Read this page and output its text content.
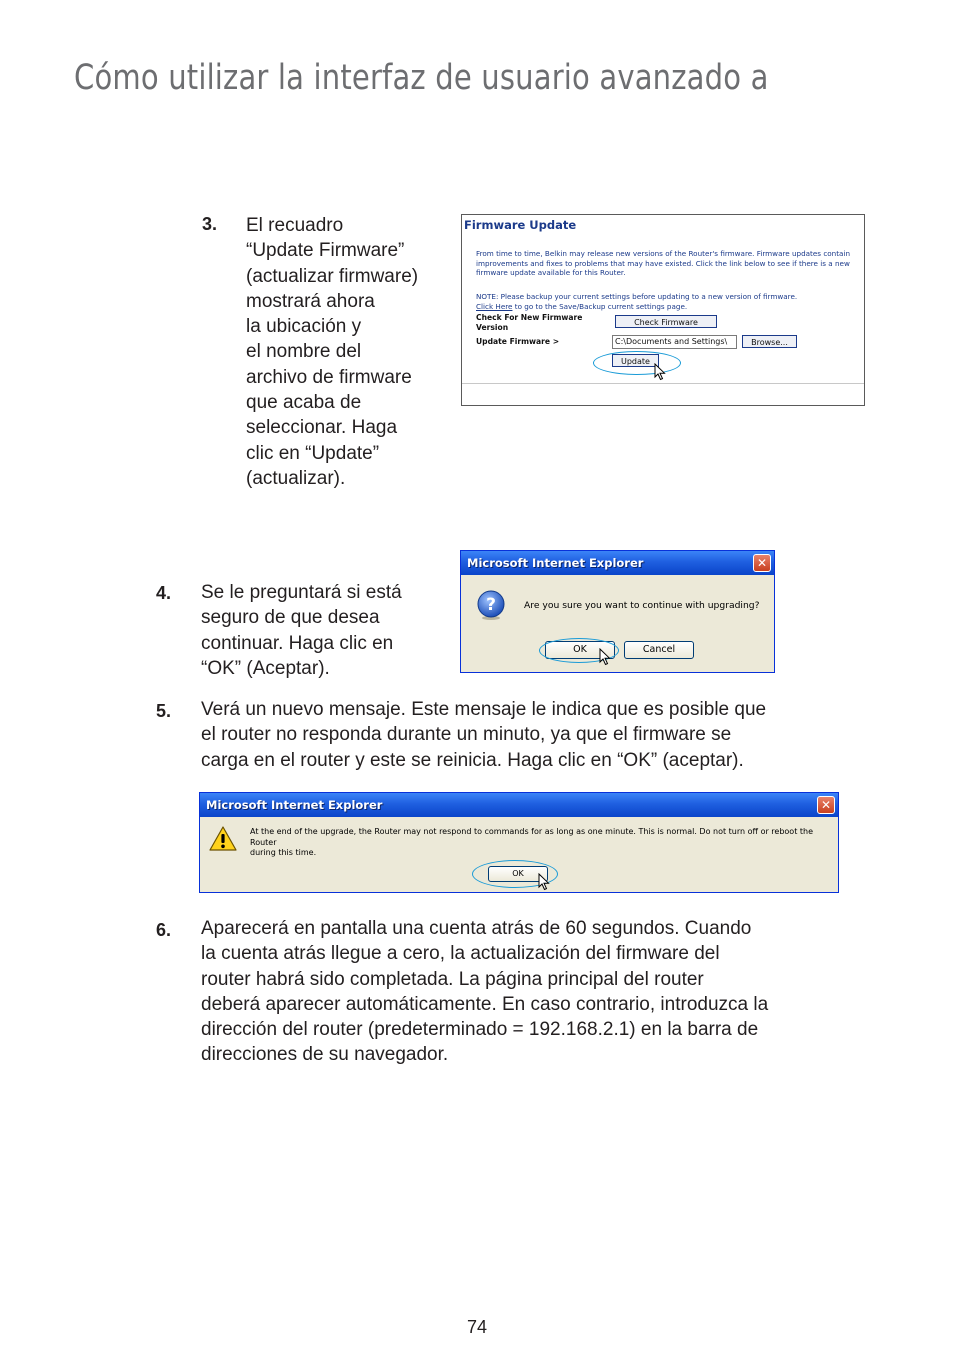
Cómo utilizar la interfaz de usuario avanzado a
3. El recuadro
“Update Firmware”
(actualizar firmware)
mostrará ahora
la ubicación y
el nombre del
archivo de firmware
que acaba de
seleccionar. Haga
clic en “Update”
(actualizar).
Firmware Update
From time to time, Belkin may release new versions of the Router's firmware. Firmware updates contain improvements and fixes to problems that may have existed. Click the link below to see if there is a new firmware update available for this Router.
NOTE: Please backup your current settings before updating to a new version of firmware.
Click Here to go to the Save/Backup current settings page.
Check For New Firmware
Version	Check Firmware
Update Firmware >	C:\Documents and Settings\	Browse...
Update
4. Se le preguntará si está
seguro de que desea
continuar. Haga clic en
“OK” (Aceptar).
Microsoft Internet Explorer	✕
?	Are you sure you want to continue with upgrading?
OK	Cancel
5. Verá un nuevo mensaje. Este mensaje le indica que es posible que
el router no responda durante un minuto, ya que el firmware se
carga en el router y este se reinicia. Haga clic en “OK” (aceptar).
Microsoft Internet Explorer	✕
At the end of the upgrade, the Router may not respond to commands for as long as one minute. This is normal. Do not turn off or reboot the Router
during this time.
OK
6. Aparecerá en pantalla una cuenta atrás de 60 segundos. Cuando
la cuenta atrás llegue a cero, la actualización del firmware del
router habrá sido completada. La página principal del router
deberá aparecer automáticamente. En caso contrario, introduzca la
dirección del router (predeterminado = 192.168.2.1) en la barra de
direcciones de su navegador.
74
